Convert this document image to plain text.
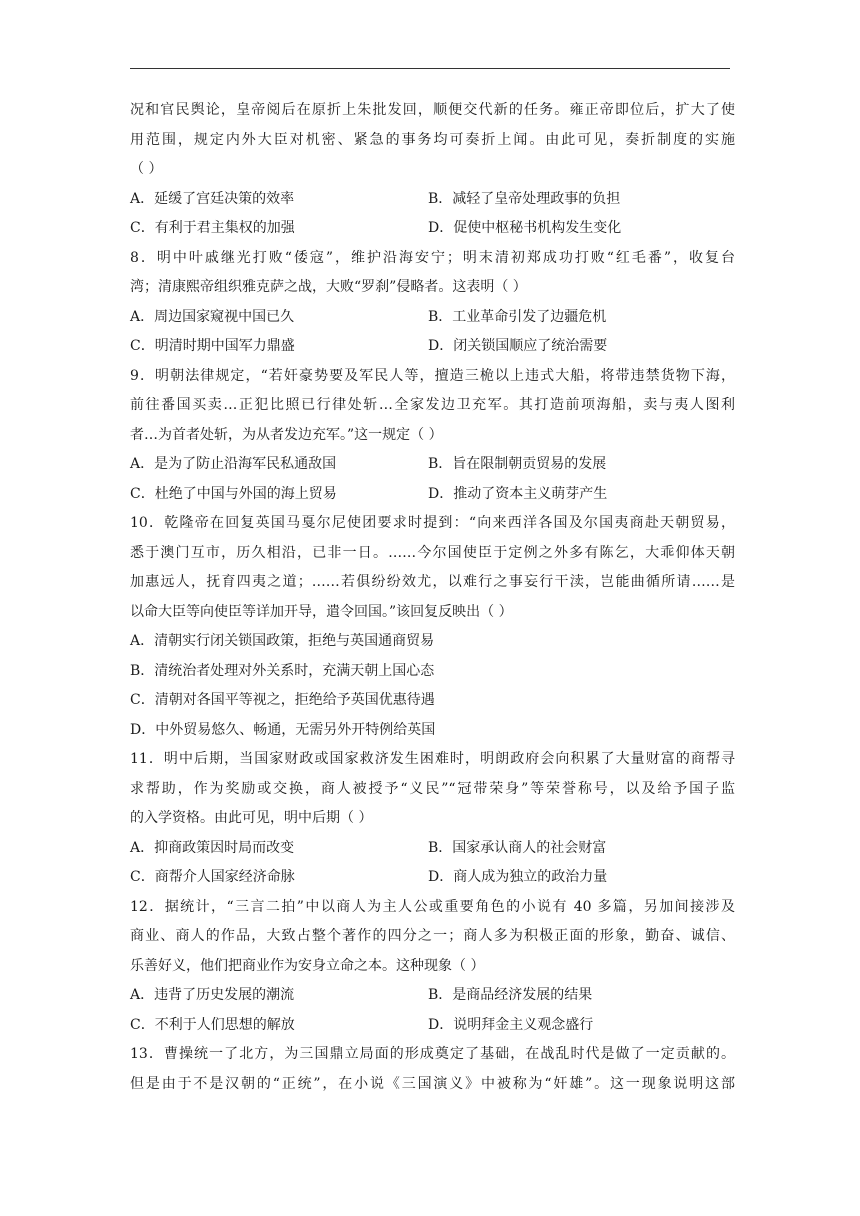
况和官民舆论，皇帝阅后在原折上朱批发回，顺便交代新的任务。雍正帝即位后，扩大了使
用范围，规定内外大臣对机密、紧急的事务均可奏折上闻。由此可见，奏折制度的实施
（ ）
A．延缓了宫廷决策的效率	B．减轻了皇帝处理政事的负担
C．有利于君主集权的加强	D．促使中枢秘书机构发生变化
8．明中叶戚继光打败“倭寇”，维护沿海安宁；明末清初郑成功打败“红毛番”，收复台
湾；清康熙帝组织雅克萨之战，大败“罗刹”侵略者。这表明（ ）
A．周边国家窥视中国已久	B．工业革命引发了边疆危机
C．明清时期中国军力鼎盛	D．闭关锁国顺应了统治需要
9．明朝法律规定，“若奸豪势要及军民人等，擅造三桅以上违式大船，将带违禁货物下海，
前往番国买卖…正犯比照已行律处斩…全家发边卫充军。其打造前项海船，卖与夷人图利
者…为首者处斩，为从者发边充军。”这一规定（ ）
A．是为了防止沿海军民私通敌国	B．旨在限制朝贡贸易的发展
C．杜绝了中国与外国的海上贸易	D．推动了资本主义萌芽产生
10．乾隆帝在回复英国马戛尔尼使团要求时提到：“向来西洋各国及尔国夷商赴天朝贸易，
悉于澳门互市，历久相沿，已非一日。……今尔国使臣于定例之外多有陈乞，大乖仰体天朝
加惠远人，抚育四夷之道；……若俱纷纷效尤，以难行之事妄行干渎，岂能曲循所请……是
以命大臣等向使臣等详加开导，遣令回国。”该回复反映出（ ）
A．清朝实行闭关锁国政策，拒绝与英国通商贸易
B．清统治者处理对外关系时，充满天朝上国心态
C．清朝对各国平等视之，拒绝给予英国优惠待遇
D．中外贸易悠久、畅通，无需另外开特例给英国
11．明中后期，当国家财政或国家救济发生困难时，明朗政府会向积累了大量财富的商帮寻
求帮助，作为奖励或交换，商人被授予“义民”“冠带荣身”等荣誉称号，以及给予国子监
的入学资格。由此可见，明中后期（ ）
A．抑商政策因时局而改变	B．国家承认商人的社会财富
C．商帮介人国家经济命脉	D．商人成为独立的政治力量
12．据统计，“三言二拍”中以商人为主人公或重要角色的小说有 40 多篇，另加间接涉及
商业、商人的作品，大致占整个著作的四分之一；商人多为积极正面的形象，勤奋、诚信、
乐善好义，他们把商业作为安身立命之本。这种现象（ ）
A．违背了历史发展的潮流	B．是商品经济发展的结果
C．不利于人们思想的解放	D．说明拜金主义观念盛行
13．曹操统一了北方，为三国鼎立局面的形成奠定了基础，在战乱时代是做了一定贡献的。
但是由于不是汉朝的“正统”，在小说《三国演义》中被称为“奸雄”。这一现象说明这部
